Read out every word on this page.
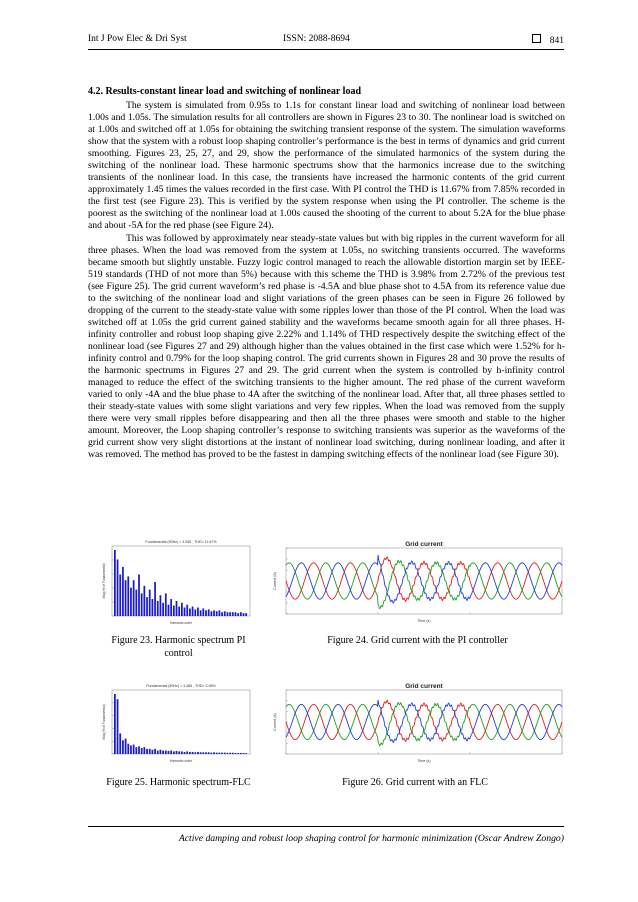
Int J Pow Elec & Dri Syst	ISSN: 2088-8694	841
4.2. Results-constant linear load and switching of nonlinear load

The system is simulated from 0.95s to 1.1s for constant linear load and switching of nonlinear load between 1.00s and 1.05s. The simulation results for all controllers are shown in Figures 23 to 30. The nonlinear load is switched on at 1.00s and switched off at 1.05s for obtaining the switching transient response of the system. The simulation waveforms show that the system with a robust loop shaping controller’s performance is the best in terms of dynamics and grid current smoothing. Figures 23, 25, 27, and 29, show the performance of the simulated harmonics of the system during the switching of the nonlinear load. These harmonic spectrums show that the harmonics increase due to the switching transients of the nonlinear load. In this case, the transients have increased the harmonic contents of the grid current approximately 1.45 times the values recorded in the first case. With PI control the THD is 11.67% from 7.85% recorded in the first test (see Figure 23). This is verified by the system response when using the PI controller. The scheme is the poorest as the switching of the nonlinear load at 1.00s caused the shooting of the current to about 5.2A for the blue phase and about -5A for the red phase (see Figure 24).

This was followed by approximately near steady-state values but with big ripples in the current waveform for all three phases. When the load was removed from the system at 1.05s, no switching transients occurred. The waveforms became smooth but slightly unstable. Fuzzy logic control managed to reach the allowable distortion margin set by IEEE-519 standards (THD of not more than 5%) because with this scheme the THD is 3.98% from 2.72% of the previous test (see Figure 25). The grid current waveform’s red phase is -4.5A and blue phase shot to 4.5A from its reference value due to the switching of the nonlinear load and slight variations of the green phases can be seen in Figure 26 followed by dropping of the current to the steady-state value with some ripples lower than those of the PI control. When the load was switched off at 1.05s the grid current gained stability and the waveforms became smooth again for all three phases. H-infinity controller and robust loop shaping give 2.22% and 1.14% of THD respectively despite the switching effect of the nonlinear load (see Figures 27 and 29) although higher than the values obtained in the first case which were 1.52% for h-infinity control and 0.79% for the loop shaping control. The grid currents shown in Figures 28 and 30 prove the results of the harmonic spectrums in Figures 27 and 29. The grid current when the system is controlled by h-infinity control managed to reduce the effect of the switching transients to the higher amount. The red phase of the current waveform varied to only -4A and the blue phase to 4A after the switching of the nonlinear load. After that, all three phases settled to their steady-state values with some slight variations and very few ripples. When the load was removed from the supply there were very small ripples before disappearing and then all the three phases were smooth and stable to the higher amount. Moreover, the Loop shaping controller’s response to switching transients was superior as the waveforms of the grid current show very slight distortions at the instant of nonlinear load switching, during nonlinear loading, and after it was removed. The method has proved to be the fastest in damping switching effects of the nonlinear load (see Figure 30).

Fundamental (50Hz) = 3.269 , THD= 11.67%
Mag (% of Fundamental)
Harmonic order
Figure 23. Harmonic spectrum PI
control
Grid current
Current (A)
Time (s)
Figure 24. Grid current with the PI controller
Fundamental (50Hz) = 3.485 , THD= 3.98%
Mag (% of Fundamental)
Harmonic order
Figure 25. Harmonic spectrum-FLC
Grid current
Current (A)
Time (s)
Figure 26. Grid current with an FLC
Active damping and robust loop shaping control for harmonic minimization (Oscar Andrew Zongo)
